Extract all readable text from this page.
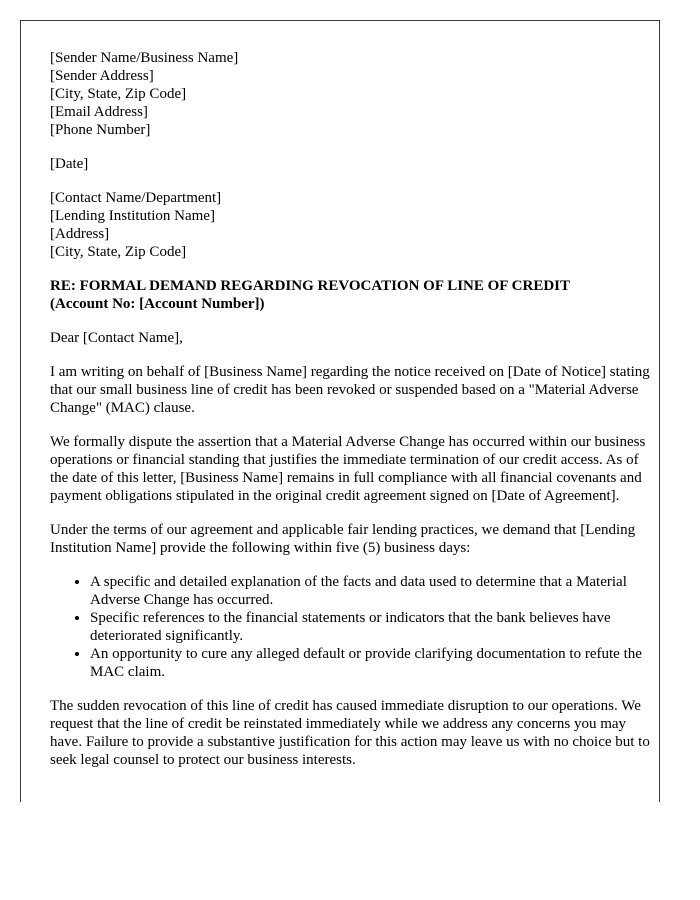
[Sender Name/Business Name]
[Sender Address]
[City, State, Zip Code]
[Email Address]
[Phone Number]
[Date]
[Contact Name/Department]
[Lending Institution Name]
[Address]
[City, State, Zip Code]
RE: FORMAL DEMAND REGARDING REVOCATION OF LINE OF CREDIT
(Account No: [Account Number])

Dear [Contact Name],

I am writing on behalf of [Business Name] regarding the notice received on [Date of Notice] stating that our small business line of credit has been revoked or suspended based on a "Material Adverse Change" (MAC) clause.

We formally dispute the assertion that a Material Adverse Change has occurred within our business operations or financial standing that justifies the immediate termination of our credit access. As of the date of this letter, [Business Name] remains in full compliance with all financial covenants and payment obligations stipulated in the original credit agreement signed on [Date of Agreement].

Under the terms of our agreement and applicable fair lending practices, we demand that [Lending Institution Name] provide the following within five (5) business days:

• A specific and detailed explanation of the facts and data used to determine that a Material Adverse Change has occurred.
• Specific references to the financial statements or indicators that the bank believes have deteriorated significantly.
• An opportunity to cure any alleged default or provide clarifying documentation to refute the MAC claim.

The sudden revocation of this line of credit has caused immediate disruption to our operations. We request that the line of credit be reinstated immediately while we address any concerns you may have. Failure to provide a substantive justification for this action may leave us with no choice but to seek legal counsel to protect our business interests.
